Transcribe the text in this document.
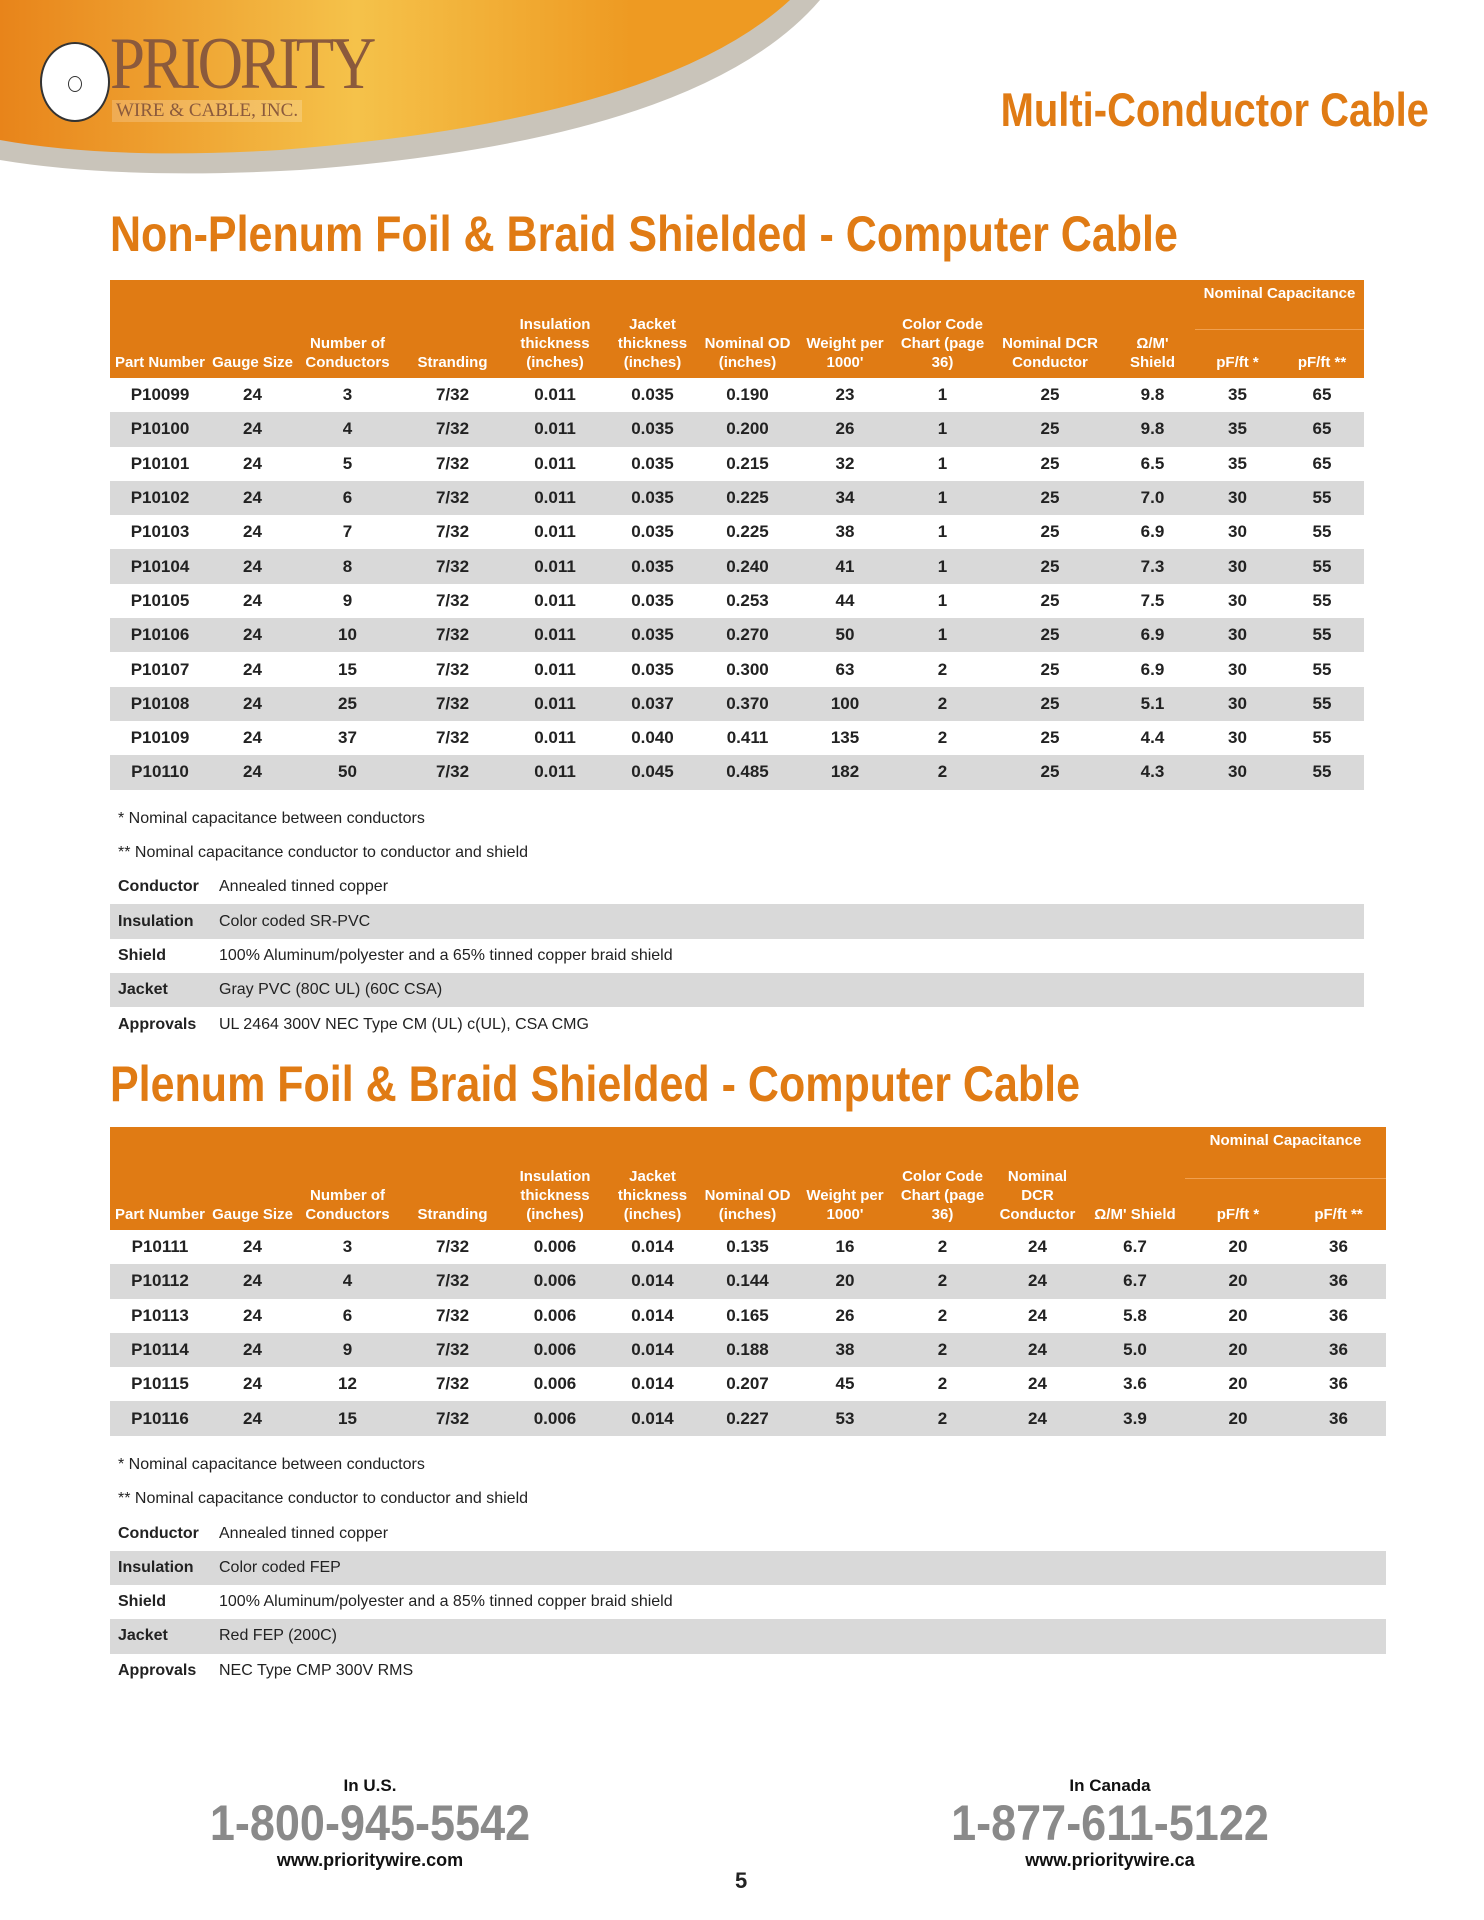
PRIORITY
WIRE & CABLE, INC.	Multi-Conductor Cable
Non-Plenum Foil & Braid Shielded - Computer Cable
Plenum Foil & Braid Shielded - Computer Cable
In U.S.
1-800-945-5542
www.prioritywire.com
In Canada
1-877-611-5122
www.prioritywire.ca
5
Part Number	Gauge Size	Number of Conductors	Stranding	Insulation thickness (inches)	Jacket thickness (inches)	Nominal OD (inches)	Weight per 1000'	Color Code Chart (page 36)	Nominal DCR Conductor	Ω/M' Shield	Nominal Capacitance	
											pF/ft *	pF/ft **
P10099	24	3	7/32	0.011	0.035	0.190	23	1	25	9.8	35	65
P10100	24	4	7/32	0.011	0.035	0.200	26	1	25	9.8	35	65
P10101	24	5	7/32	0.011	0.035	0.215	32	1	25	6.5	35	65
P10102	24	6	7/32	0.011	0.035	0.225	34	1	25	7.0	30	55
P10103	24	7	7/32	0.011	0.035	0.225	38	1	25	6.9	30	55
P10104	24	8	7/32	0.011	0.035	0.240	41	1	25	7.3	30	55
P10105	24	9	7/32	0.011	0.035	0.253	44	1	25	7.5	30	55
P10106	24	10	7/32	0.011	0.035	0.270	50	1	25	6.9	30	55
P10107	24	15	7/32	0.011	0.035	0.300	63	2	25	6.9	30	55
P10108	24	25	7/32	0.011	0.037	0.370	100	2	25	5.1	30	55
P10109	24	37	7/32	0.011	0.040	0.411	135	2	25	4.4	30	55
P10110	24	50	7/32	0.011	0.045	0.485	182	2	25	4.3	30	55
* Nominal capacitance between conductors
** Nominal capacitance conductor to conductor and shield
Conductor	Annealed tinned copper
Insulation	Color coded SR-PVC
Shield	100% Aluminum/polyester and a 65% tinned copper braid shield
Jacket	Gray PVC (80C UL) (60C CSA)
Approvals	UL 2464 300V NEC Type CM (UL) c(UL), CSA CMG
Part Number	Gauge Size	Number of Conductors	Stranding	Insulation thickness (inches)	Jacket thickness (inches)	Nominal OD (inches)	Weight per 1000'	Color Code Chart (page 36)	Nominal DCR Conductor	Ω/M' Shield	Nominal Capacitance	
											pF/ft *	pF/ft **
P10111	24	3	7/32	0.006	0.014	0.135	16	2	24	6.7	20	36
P10112	24	4	7/32	0.006	0.014	0.144	20	2	24	6.7	20	36
P10113	24	6	7/32	0.006	0.014	0.165	26	2	24	5.8	20	36
P10114	24	9	7/32	0.006	0.014	0.188	38	2	24	5.0	20	36
P10115	24	12	7/32	0.006	0.014	0.207	45	2	24	3.6	20	36
P10116	24	15	7/32	0.006	0.014	0.227	53	2	24	3.9	20	36
* Nominal capacitance between conductors
** Nominal capacitance conductor to conductor and shield
Conductor	Annealed tinned copper
Insulation	Color coded FEP
Shield	100% Aluminum/polyester and a 85% tinned copper braid shield
Jacket	Red FEP (200C)
Approvals	NEC Type CMP 300V RMS
